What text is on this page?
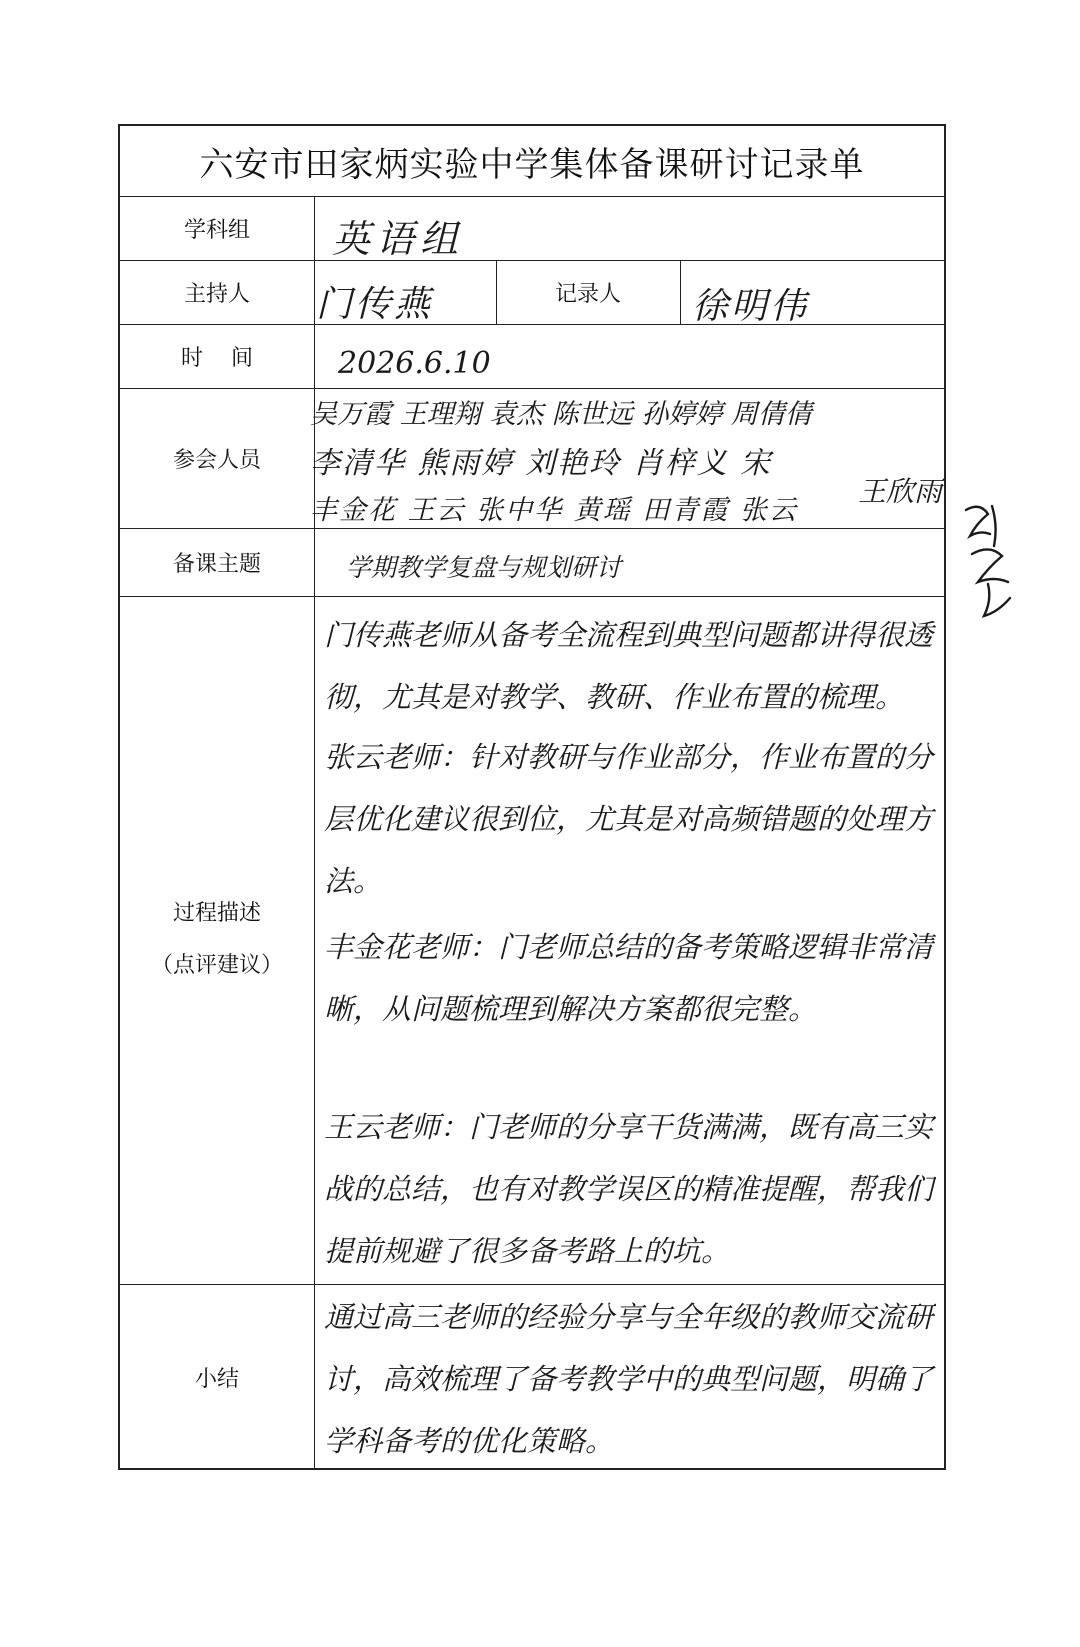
六安市田家炳实验中学集体备课研讨记录单
学科组
主持人	记录人
时    间
参会人员
备课主题
过程描述
（点评建议）
小结
英语组
门传燕	徐明伟
2026.6.10
吴万霞 王理翔 袁杰 陈世远 孙婷婷 周倩倩
李清华 熊雨婷 刘艳玲 肖梓义 宋
丰金花 王云 张中华 黄瑶 田青霞 张云
王欣雨
学期教学复盘与规划研讨
门传燕老师从备考全流程到典型问题都讲得很透彻，尤其是对教学、教研、作业布置的梳理。
张云老师：针对教研与作业部分，作业布置的分层优化建议很到位，尤其是对高频错题的处理方法。
丰金花老师：门老师总结的备考策略逻辑非常清晰，从问题梳理到解决方案都很完整。
王云老师：门老师的分享干货满满，既有高三实战的总结，也有对教学误区的精准提醒，帮我们提前规避了很多备考路上的坑。
通过高三老师的经验分享与全年级的教师交流研讨，高效梳理了备考教学中的典型问题，明确了学科备考的优化策略。
